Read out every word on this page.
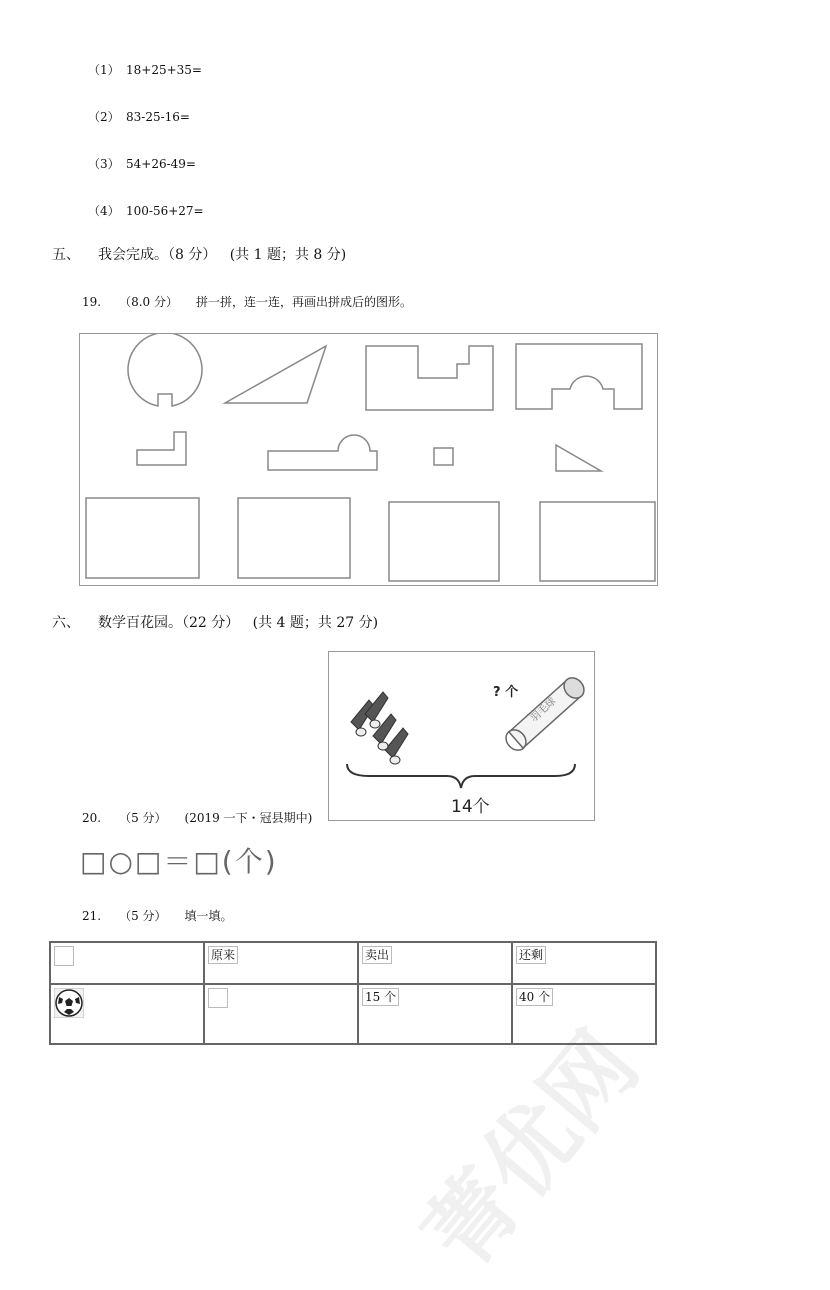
菁优网
（1） 18+25+35=
（2） 83-25-16=
（3） 54+26-49=
（4） 100-56+27=
五、 我会完成。（8 分）   (共 1 题；共 8 分)
19. （8.0 分） 拼一拼，连一连，再画出拼成后的图形。
六、 数学百花园。（22 分）   (共 4 题；共 27 分)
羽毛球
? 个
14个
20. （5 分） (2019 一下・冠县期中)
□○□＝□(个)
21. （5 分） 填一填。
	原来	卖出	还剩
		15 个	40 个
